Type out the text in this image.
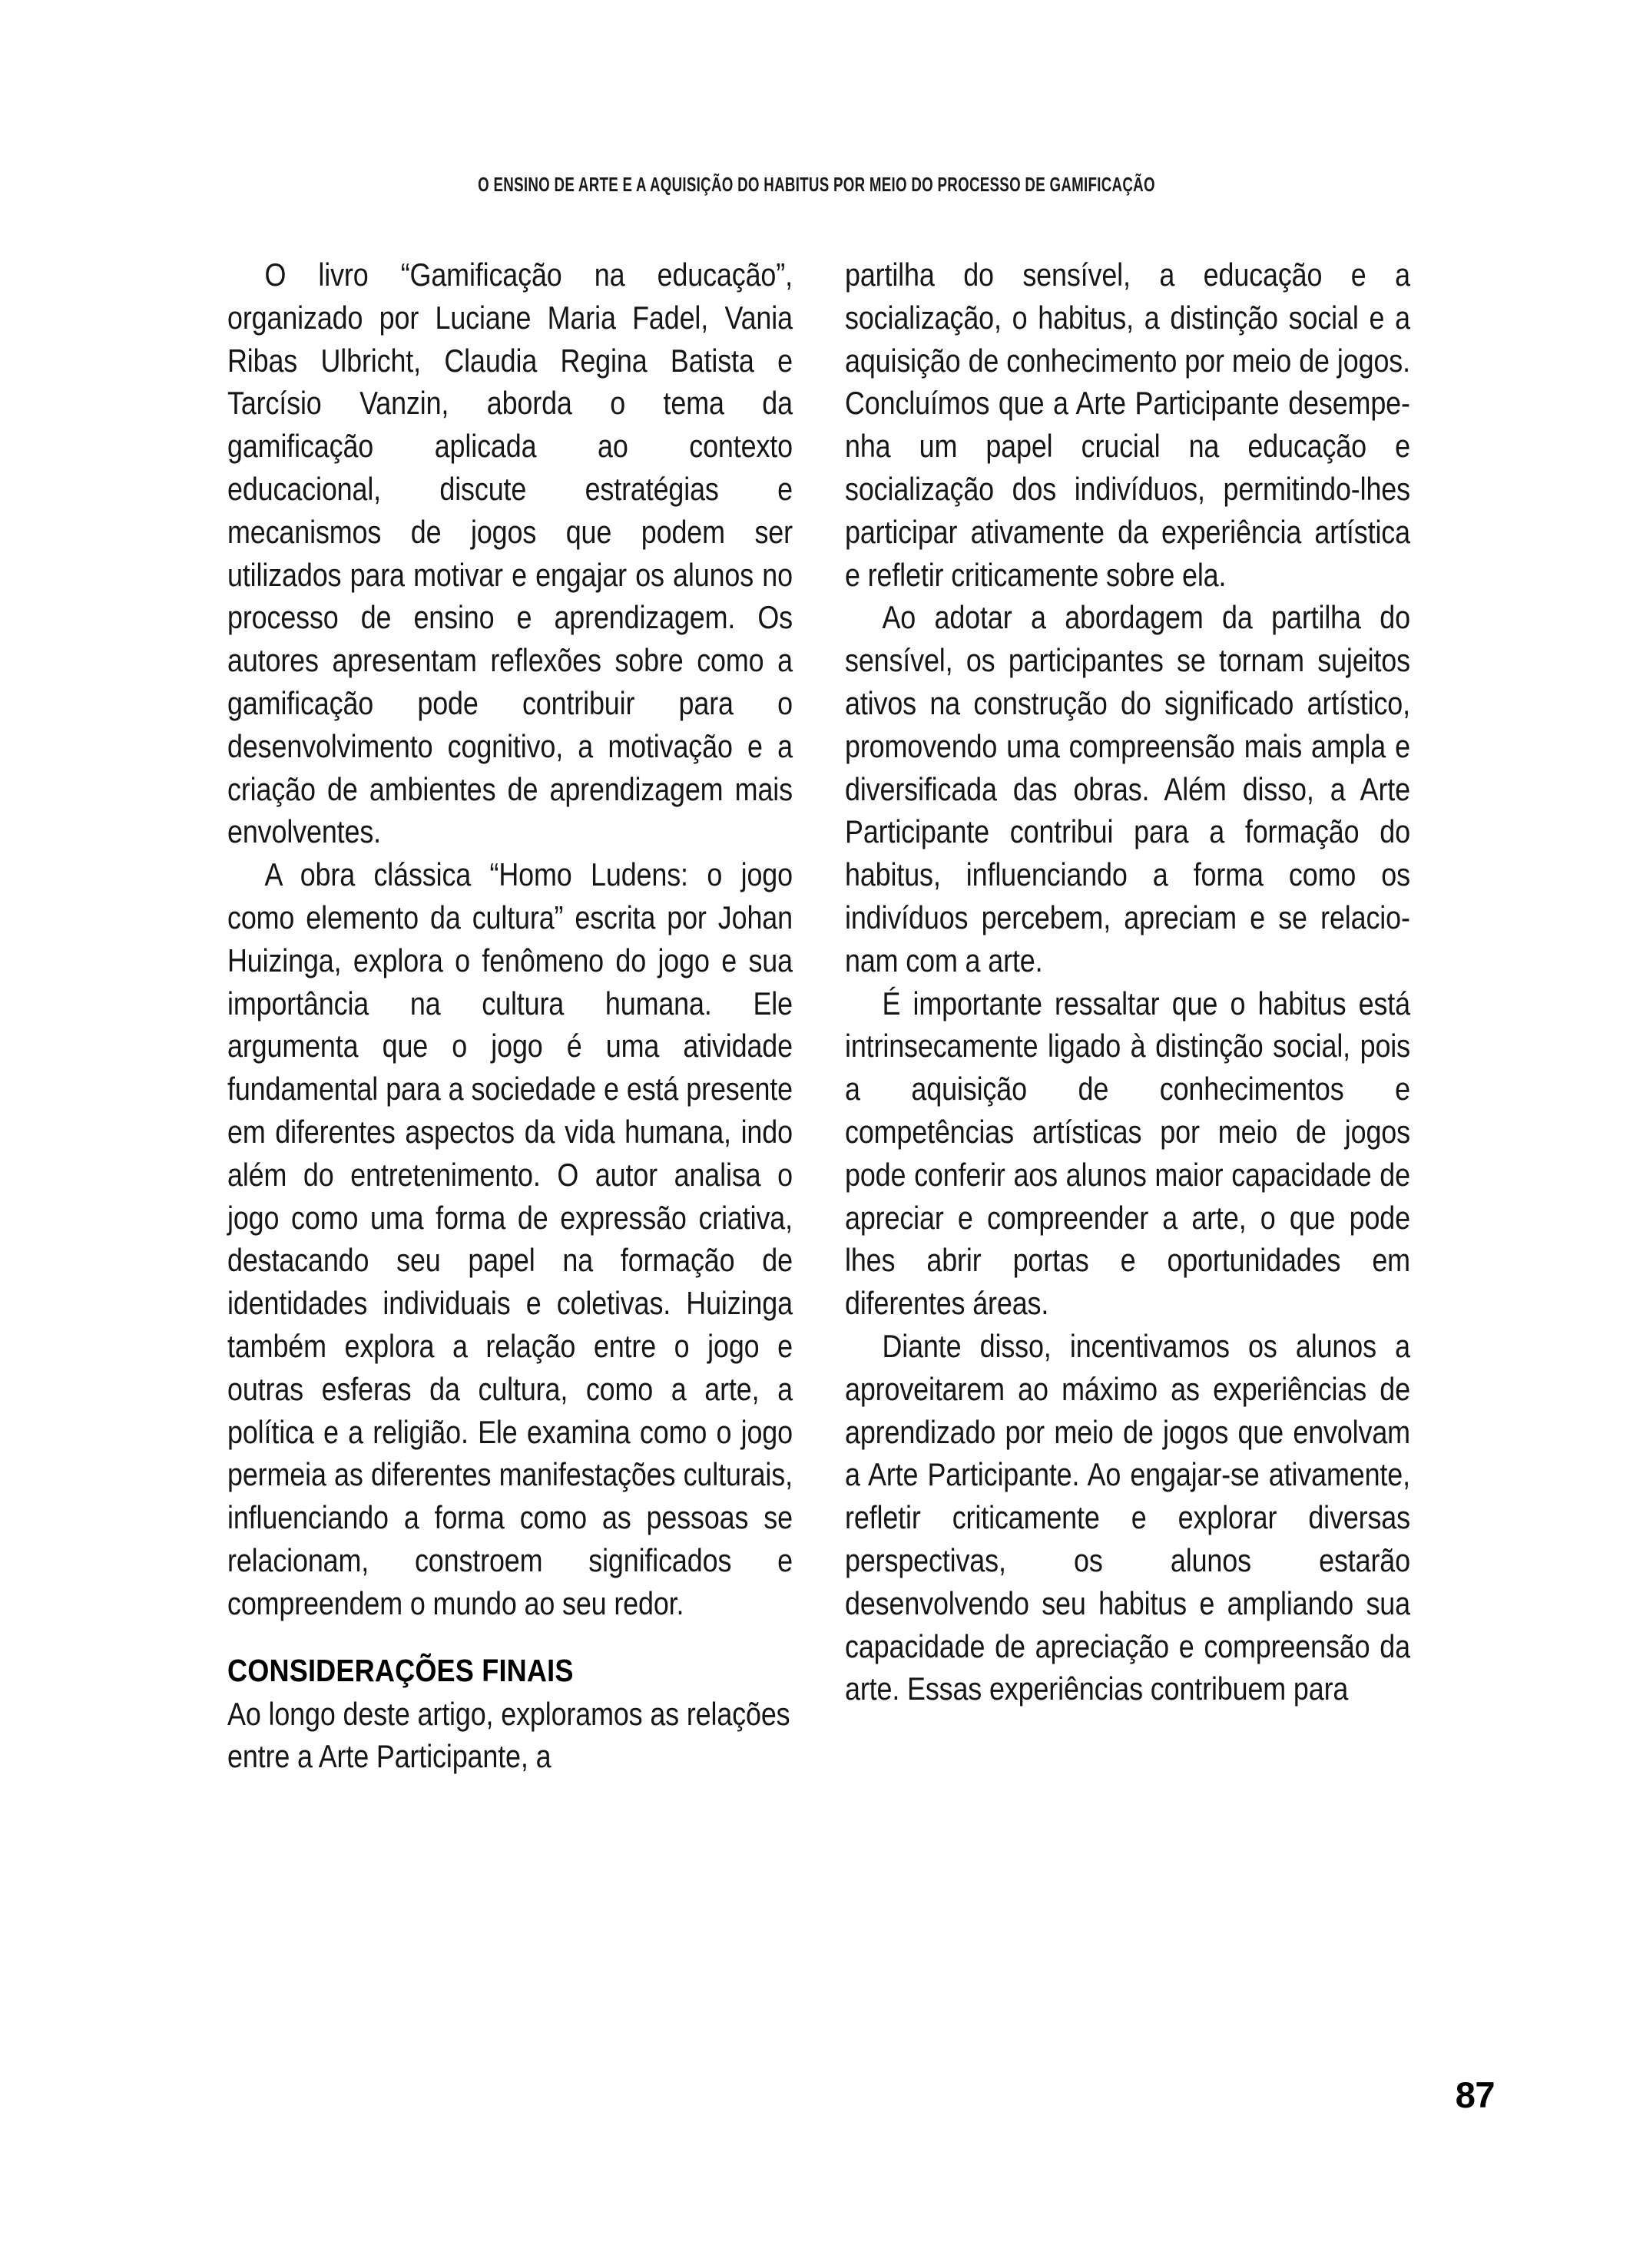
O ENSINO DE ARTE E A AQUISIÇÃO DO HABITUS POR MEIO DO PROCESSO DE GAMIFICAÇÃO

O livro “Gamificação na educação”, organizado por Luciane Maria Fadel, Vania Ribas Ulbricht, Claudia Regina Batista e Tarcísio Vanzin, aborda o tema da gamificação aplicada ao contexto educacional, discute estratégias e mecanismos de jogos que podem ser utilizados para motivar e engajar os alunos no processo de ensino e aprendizagem. Os autores apresentam reflexões sobre como a gamificação pode contribuir para o desenvolvimento cognitivo, a motivação e a criação de ambientes de aprendizagem mais envolventes.

A obra clássica “Homo Ludens: o jogo como elemento da cultura” escrita por Johan Huizinga, explora o fenômeno do jogo e sua importância na cultura humana. Ele argumenta que o jogo é uma atividade fundamental para a sociedade e está presente em diferentes aspectos da vida humana, indo além do entretenimento. O autor analisa o jogo como uma forma de expressão criativa, destacando seu papel na formação de identidades individuais e coletivas. Huizinga também explora a relação entre o jogo e outras esferas da cultura, como a arte, a política e a religião. Ele examina como o jogo permeia as diferentes manifestações culturais, influenciando a forma como as pessoas se relacionam, constroem significados e compreendem o mundo ao seu redor.

CONSIDERAÇÕES FINAIS

Ao longo deste artigo, exploramos as relações entre a Arte Participante, a

partilha do sensível, a educação e a socialização, o habitus, a distinção social e a aquisição de conhecimento por meio de jogos. Concluímos que a Arte Participante desempenha um papel crucial na educação e socialização dos indivíduos, permitindo-lhes participar ativamente da experiência artística e refletir criticamente sobre ela.

Ao adotar a abordagem da partilha do sensível, os participantes se tornam sujeitos ativos na construção do significado artístico, promovendo uma compreensão mais ampla e diversificada das obras. Além disso, a Arte Participante contribui para a formação do habitus, influenciando a forma como os indivíduos percebem, apreciam e se relacionam com a arte.

É importante ressaltar que o habitus está intrinsecamente ligado à distinção social, pois a aquisição de conhecimentos e competências artísticas por meio de jogos pode conferir aos alunos maior capacidade de apreciar e compreender a arte, o que pode lhes abrir portas e oportunidades em diferentes áreas.

Diante disso, incentivamos os alunos a aproveitarem ao máximo as experiências de aprendizado por meio de jogos que envolvam a Arte Participante. Ao engajar-se ativamente, refletir criticamente e explorar diversas perspectivas, os alunos estarão desenvolvendo seu habitus e ampliando sua capacidade de apreciação e compreensão da arte. Essas experiências contribuem para

87
